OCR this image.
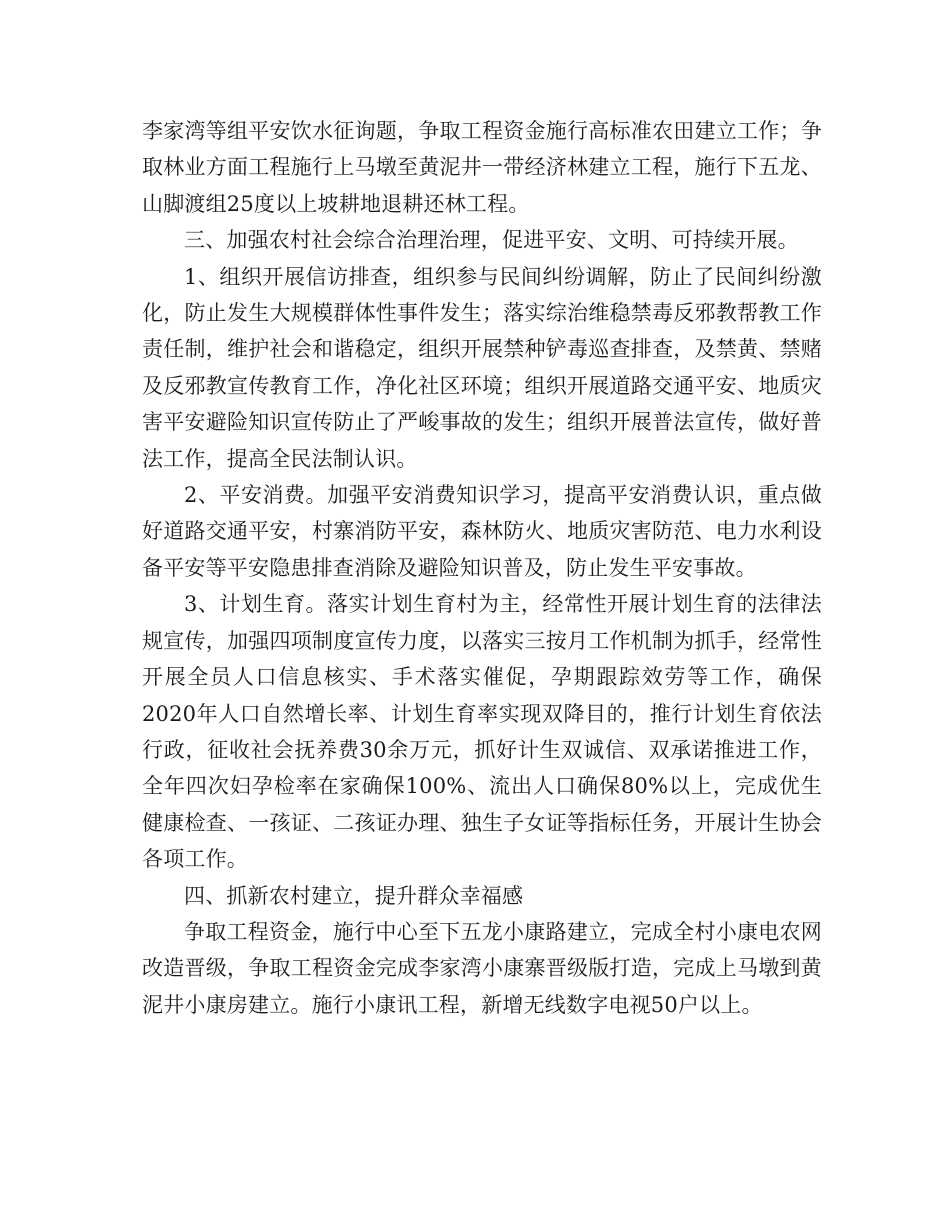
李家湾等组平安饮水征询题，争取工程资金施行高标准农田建立工作；争取林业方面工程施行上马墩至黄泥井一带经济林建立工程，施行下五龙、山脚渡组25度以上坡耕地退耕还林工程。

三、加强农村社会综合治理治理，促进平安、文明、可持续开展。

1、组织开展信访排查，组织参与民间纠纷调解，防止了民间纠纷激化，防止发生大规模群体性事件发生；落实综治维稳禁毒反邪教帮教工作责任制，维护社会和谐稳定，组织开展禁种铲毒巡查排查，及禁黄、禁赌及反邪教宣传教育工作，净化社区环境；组织开展道路交通平安、地质灾害平安避险知识宣传防止了严峻事故的发生；组织开展普法宣传，做好普法工作，提高全民法制认识。

2、平安消费。加强平安消费知识学习，提高平安消费认识，重点做好道路交通平安，村寨消防平安，森林防火、地质灾害防范、电力水利设备平安等平安隐患排查消除及避险知识普及，防止发生平安事故。

3、计划生育。落实计划生育村为主，经常性开展计划生育的法律法规宣传，加强四项制度宣传力度，以落实三按月工作机制为抓手，经常性开展全员人口信息核实、手术落实催促，孕期跟踪效劳等工作，确保2020年人口自然增长率、计划生育率实现双降目的，推行计划生育依法行政，征收社会抚养费30余万元，抓好计生双诚信、双承诺推进工作，全年四次妇孕检率在家确保100%、流出人口确保80%以上，完成优生健康检查、一孩证、二孩证办理、独生子女证等指标任务，开展计生协会各项工作。

四、抓新农村建立，提升群众幸福感

争取工程资金，施行中心至下五龙小康路建立，完成全村小康电农网改造晋级，争取工程资金完成李家湾小康寨晋级版打造，完成上马墩到黄泥井小康房建立。施行小康讯工程，新增无线数字电视50户以上。
